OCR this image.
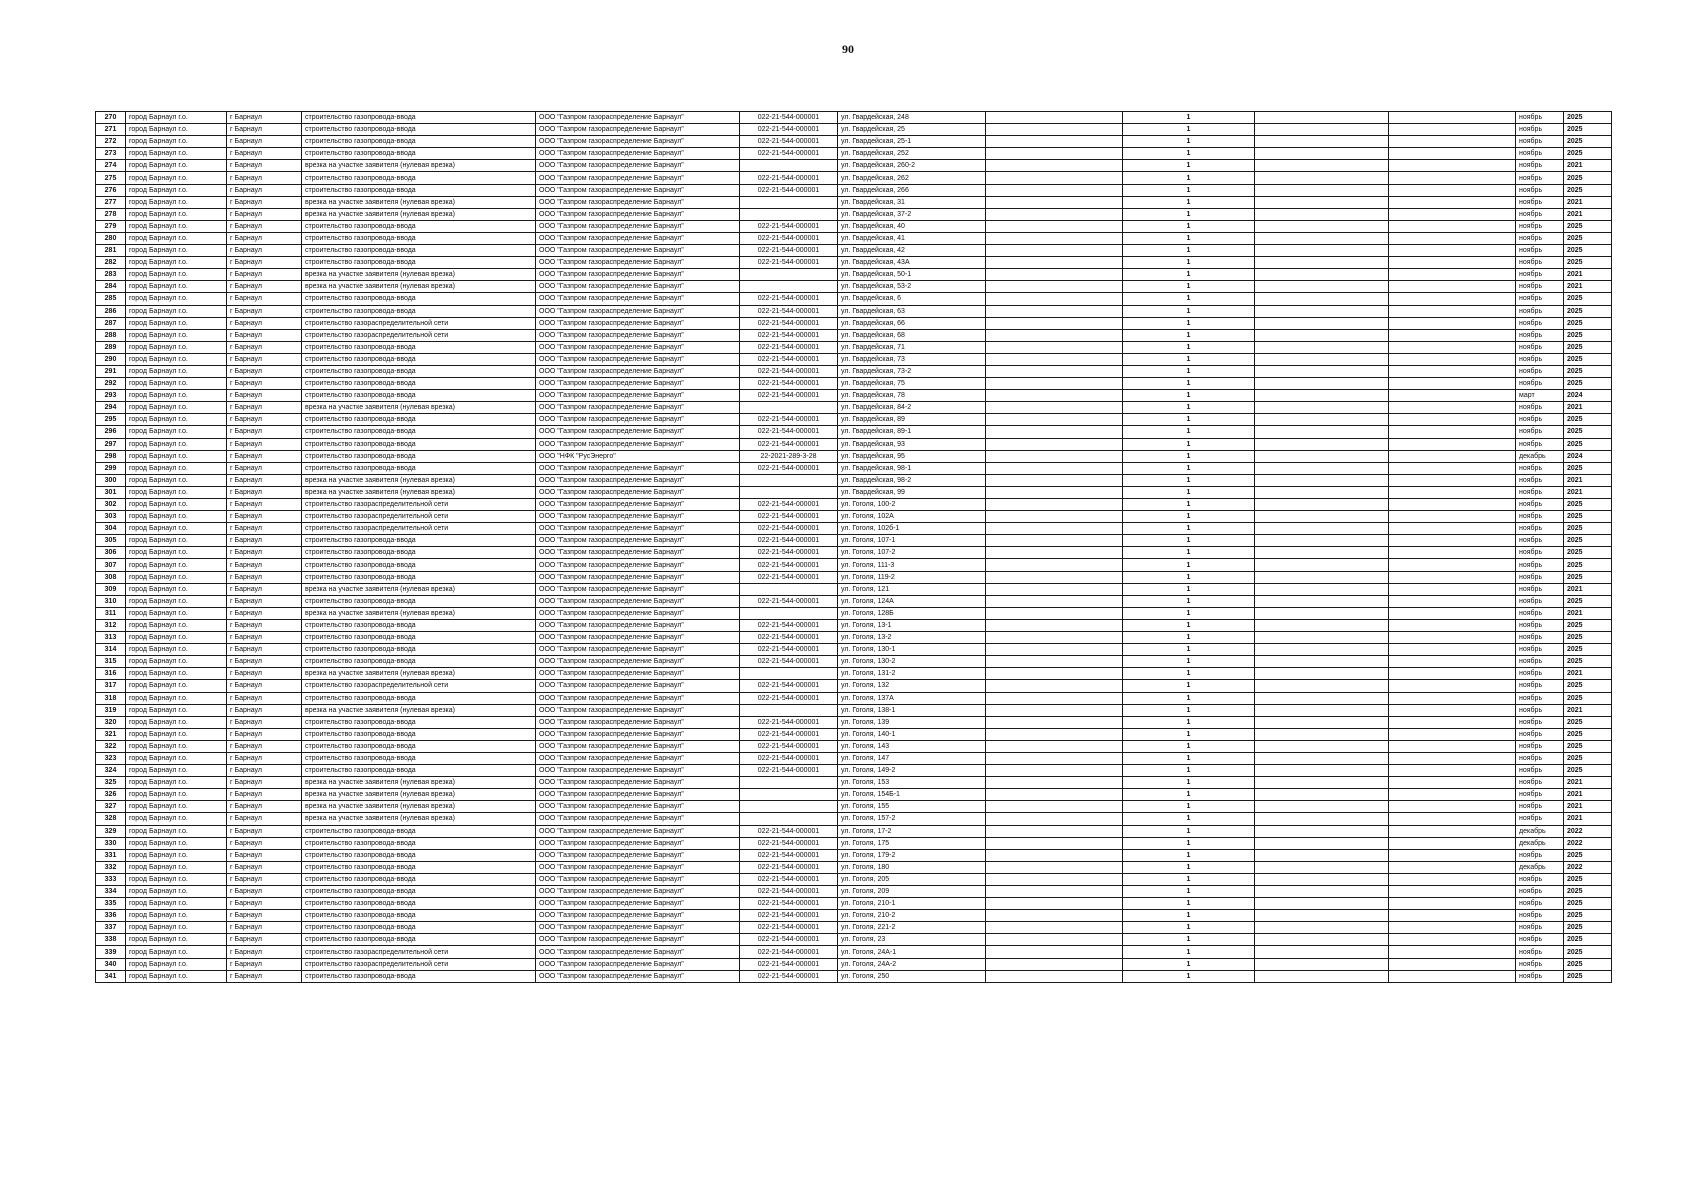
90
270	город Барнаул г.о.	г Барнаул	строительство газопровода-ввода	ООО "Газпром газораспределение Барнаул"	022-21-544-000001	ул. Гвардейская, 248		1			ноябрь	2025
271	город Барнаул г.о.	г Барнаул	строительство газопровода-ввода	ООО "Газпром газораспределение Барнаул"	022-21-544-000001	ул. Гвардейская, 25		1			ноябрь	2025
272	город Барнаул г.о.	г Барнаул	строительство газопровода-ввода	ООО "Газпром газораспределение Барнаул"	022-21-544-000001	ул. Гвардейская, 25-1		1			ноябрь	2025
273	город Барнаул г.о.	г Барнаул	строительство газопровода-ввода	ООО "Газпром газораспределение Барнаул"	022-21-544-000001	ул. Гвардейская, 252		1			ноябрь	2025
274	город Барнаул г.о.	г Барнаул	врезка на участке заявителя (нулевая врезка)	ООО "Газпром газораспределение Барнаул"		ул. Гвардейская, 260-2		1			ноябрь	2021
275	город Барнаул г.о.	г Барнаул	строительство газопровода-ввода	ООО "Газпром газораспределение Барнаул"	022-21-544-000001	ул. Гвардейская, 262		1			ноябрь	2025
276	город Барнаул г.о.	г Барнаул	строительство газопровода-ввода	ООО "Газпром газораспределение Барнаул"	022-21-544-000001	ул. Гвардейская, 266		1			ноябрь	2025
277	город Барнаул г.о.	г Барнаул	врезка на участке заявителя (нулевая врезка)	ООО "Газпром газораспределение Барнаул"		ул. Гвардейская, 31		1			ноябрь	2021
278	город Барнаул г.о.	г Барнаул	врезка на участке заявителя (нулевая врезка)	ООО "Газпром газораспределение Барнаул"		ул. Гвардейская, 37-2		1			ноябрь	2021
279	город Барнаул г.о.	г Барнаул	строительство газопровода-ввода	ООО "Газпром газораспределение Барнаул"	022-21-544-000001	ул. Гвардейская, 40		1			ноябрь	2025
280	город Барнаул г.о.	г Барнаул	строительство газопровода-ввода	ООО "Газпром газораспределение Барнаул"	022-21-544-000001	ул. Гвардейская, 41		1			ноябрь	2025
281	город Барнаул г.о.	г Барнаул	строительство газопровода-ввода	ООО "Газпром газораспределение Барнаул"	022-21-544-000001	ул. Гвардейская, 42		1			ноябрь	2025
282	город Барнаул г.о.	г Барнаул	строительство газопровода-ввода	ООО "Газпром газораспределение Барнаул"	022-21-544-000001	ул. Гвардейская, 43А		1			ноябрь	2025
283	город Барнаул г.о.	г Барнаул	врезка на участке заявителя (нулевая врезка)	ООО "Газпром газораспределение Барнаул"		ул. Гвардейская, 50-1		1			ноябрь	2021
284	город Барнаул г.о.	г Барнаул	врезка на участке заявителя (нулевая врезка)	ООО "Газпром газораспределение Барнаул"		ул. Гвардейская, 53-2		1			ноябрь	2021
285	город Барнаул г.о.	г Барнаул	строительство газопровода-ввода	ООО "Газпром газораспределение Барнаул"	022-21-544-000001	ул. Гвардейская, 6		1			ноябрь	2025
286	город Барнаул г.о.	г Барнаул	строительство газопровода-ввода	ООО "Газпром газораспределение Барнаул"	022-21-544-000001	ул. Гвардейская, 63		1			ноябрь	2025
287	город Барнаул г.о.	г Барнаул	строительство газораспределительной сети	ООО "Газпром газораспределение Барнаул"	022-21-544-000001	ул. Гвардейская, 66		1			ноябрь	2025
288	город Барнаул г.о.	г Барнаул	строительство газораспределительной сети	ООО "Газпром газораспределение Барнаул"	022-21-544-000001	ул. Гвардейская, 68		1			ноябрь	2025
289	город Барнаул г.о.	г Барнаул	строительство газопровода-ввода	ООО "Газпром газораспределение Барнаул"	022-21-544-000001	ул. Гвардейская, 71		1			ноябрь	2025
290	город Барнаул г.о.	г Барнаул	строительство газопровода-ввода	ООО "Газпром газораспределение Барнаул"	022-21-544-000001	ул. Гвардейская, 73		1			ноябрь	2025
291	город Барнаул г.о.	г Барнаул	строительство газопровода-ввода	ООО "Газпром газораспределение Барнаул"	022-21-544-000001	ул. Гвардейская, 73-2		1			ноябрь	2025
292	город Барнаул г.о.	г Барнаул	строительство газопровода-ввода	ООО "Газпром газораспределение Барнаул"	022-21-544-000001	ул. Гвардейская, 75		1			ноябрь	2025
293	город Барнаул г.о.	г Барнаул	строительство газопровода-ввода	ООО "Газпром газораспределение Барнаул"	022-21-544-000001	ул. Гвардейская, 78		1			март	2024
294	город Барнаул г.о.	г Барнаул	врезка на участке заявителя (нулевая врезка)	ООО "Газпром газораспределение Барнаул"		ул. Гвардейская, 84-2		1			ноябрь	2021
295	город Барнаул г.о.	г Барнаул	строительство газопровода-ввода	ООО "Газпром газораспределение Барнаул"	022-21-544-000001	ул. Гвардейская, 89		1			ноябрь	2025
296	город Барнаул г.о.	г Барнаул	строительство газопровода-ввода	ООО "Газпром газораспределение Барнаул"	022-21-544-000001	ул. Гвардейская, 89-1		1			ноябрь	2025
297	город Барнаул г.о.	г Барнаул	строительство газопровода-ввода	ООО "Газпром газораспределение Барнаул"	022-21-544-000001	ул. Гвардейская, 93		1			ноябрь	2025
298	город Барнаул г.о.	г Барнаул	строительство газопровода-ввода	ООО "НФК "РусЭнерго"	22-2021-289-3-28	ул. Гвардейская, 95		1			декабрь	2024
299	город Барнаул г.о.	г Барнаул	строительство газопровода-ввода	ООО "Газпром газораспределение Барнаул"	022-21-544-000001	ул. Гвардейская, 98-1		1			ноябрь	2025
300	город Барнаул г.о.	г Барнаул	врезка на участке заявителя (нулевая врезка)	ООО "Газпром газораспределение Барнаул"		ул. Гвардейская, 98-2		1			ноябрь	2021
301	город Барнаул г.о.	г Барнаул	врезка на участке заявителя (нулевая врезка)	ООО "Газпром газораспределение Барнаул"		ул. Гвардейская, 99		1			ноябрь	2021
302	город Барнаул г.о.	г Барнаул	строительство газораспределительной сети	ООО "Газпром газораспределение Барнаул"	022-21-544-000001	ул. Гоголя, 100-2		1			ноябрь	2025
303	город Барнаул г.о.	г Барнаул	строительство газораспределительной сети	ООО "Газпром газораспределение Барнаул"	022-21-544-000001	ул. Гоголя, 102А		1			ноябрь	2025
304	город Барнаул г.о.	г Барнаул	строительство газораспределительной сети	ООО "Газпром газораспределение Барнаул"	022-21-544-000001	ул. Гоголя, 102б-1		1			ноябрь	2025
305	город Барнаул г.о.	г Барнаул	строительство газопровода-ввода	ООО "Газпром газораспределение Барнаул"	022-21-544-000001	ул. Гоголя, 107-1		1			ноябрь	2025
306	город Барнаул г.о.	г Барнаул	строительство газопровода-ввода	ООО "Газпром газораспределение Барнаул"	022-21-544-000001	ул. Гоголя, 107-2		1			ноябрь	2025
307	город Барнаул г.о.	г Барнаул	строительство газопровода-ввода	ООО "Газпром газораспределение Барнаул"	022-21-544-000001	ул. Гоголя, 111-3		1			ноябрь	2025
308	город Барнаул г.о.	г Барнаул	строительство газопровода-ввода	ООО "Газпром газораспределение Барнаул"	022-21-544-000001	ул. Гоголя, 119-2		1			ноябрь	2025
309	город Барнаул г.о.	г Барнаул	врезка на участке заявителя (нулевая врезка)	ООО "Газпром газораспределение Барнаул"		ул. Гоголя, 121		1			ноябрь	2021
310	город Барнаул г.о.	г Барнаул	строительство газопровода-ввода	ООО "Газпром газораспределение Барнаул"	022-21-544-000001	ул. Гоголя, 124А		1			ноябрь	2025
311	город Барнаул г.о.	г Барнаул	врезка на участке заявителя (нулевая врезка)	ООО "Газпром газораспределение Барнаул"		ул. Гоголя, 128Б		1			ноябрь	2021
312	город Барнаул г.о.	г Барнаул	строительство газопровода-ввода	ООО "Газпром газораспределение Барнаул"	022-21-544-000001	ул. Гоголя, 13-1		1			ноябрь	2025
313	город Барнаул г.о.	г Барнаул	строительство газопровода-ввода	ООО "Газпром газораспределение Барнаул"	022-21-544-000001	ул. Гоголя, 13-2		1			ноябрь	2025
314	город Барнаул г.о.	г Барнаул	строительство газопровода-ввода	ООО "Газпром газораспределение Барнаул"	022-21-544-000001	ул. Гоголя, 130-1		1			ноябрь	2025
315	город Барнаул г.о.	г Барнаул	строительство газопровода-ввода	ООО "Газпром газораспределение Барнаул"	022-21-544-000001	ул. Гоголя, 130-2		1			ноябрь	2025
316	город Барнаул г.о.	г Барнаул	врезка на участке заявителя (нулевая врезка)	ООО "Газпром газораспределение Барнаул"		ул. Гоголя, 131-2		1			ноябрь	2021
317	город Барнаул г.о.	г Барнаул	строительство газораспределительной сети	ООО "Газпром газораспределение Барнаул"	022-21-544-000001	ул. Гоголя, 132		1			ноябрь	2025
318	город Барнаул г.о.	г Барнаул	строительство газопровода-ввода	ООО "Газпром газораспределение Барнаул"	022-21-544-000001	ул. Гоголя, 137А		1			ноябрь	2025
319	город Барнаул г.о.	г Барнаул	врезка на участке заявителя (нулевая врезка)	ООО "Газпром газораспределение Барнаул"		ул. Гоголя, 138-1		1			ноябрь	2021
320	город Барнаул г.о.	г Барнаул	строительство газопровода-ввода	ООО "Газпром газораспределение Барнаул"	022-21-544-000001	ул. Гоголя, 139		1			ноябрь	2025
321	город Барнаул г.о.	г Барнаул	строительство газопровода-ввода	ООО "Газпром газораспределение Барнаул"	022-21-544-000001	ул. Гоголя, 140-1		1			ноябрь	2025
322	город Барнаул г.о.	г Барнаул	строительство газопровода-ввода	ООО "Газпром газораспределение Барнаул"	022-21-544-000001	ул. Гоголя, 143		1			ноябрь	2025
323	город Барнаул г.о.	г Барнаул	строительство газопровода-ввода	ООО "Газпром газораспределение Барнаул"	022-21-544-000001	ул. Гоголя, 147		1			ноябрь	2025
324	город Барнаул г.о.	г Барнаул	строительство газопровода-ввода	ООО "Газпром газораспределение Барнаул"	022-21-544-000001	ул. Гоголя, 149-2		1			ноябрь	2025
325	город Барнаул г.о.	г Барнаул	врезка на участке заявителя (нулевая врезка)	ООО "Газпром газораспределение Барнаул"		ул. Гоголя, 153		1			ноябрь	2021
326	город Барнаул г.о.	г Барнаул	врезка на участке заявителя (нулевая врезка)	ООО "Газпром газораспределение Барнаул"		ул. Гоголя, 154Б-1		1			ноябрь	2021
327	город Барнаул г.о.	г Барнаул	врезка на участке заявителя (нулевая врезка)	ООО "Газпром газораспределение Барнаул"		ул. Гоголя, 155		1			ноябрь	2021
328	город Барнаул г.о.	г Барнаул	врезка на участке заявителя (нулевая врезка)	ООО "Газпром газораспределение Барнаул"		ул. Гоголя, 157-2		1			ноябрь	2021
329	город Барнаул г.о.	г Барнаул	строительство газопровода-ввода	ООО "Газпром газораспределение Барнаул"	022-21-544-000001	ул. Гоголя, 17-2		1			декабрь	2022
330	город Барнаул г.о.	г Барнаул	строительство газопровода-ввода	ООО "Газпром газораспределение Барнаул"	022-21-544-000001	ул. Гоголя, 175		1			декабрь	2022
331	город Барнаул г.о.	г Барнаул	строительство газопровода-ввода	ООО "Газпром газораспределение Барнаул"	022-21-544-000001	ул. Гоголя, 179-2		1			ноябрь	2025
332	город Барнаул г.о.	г Барнаул	строительство газопровода-ввода	ООО "Газпром газораспределение Барнаул"	022-21-544-000001	ул. Гоголя, 180		1			декабрь	2022
333	город Барнаул г.о.	г Барнаул	строительство газопровода-ввода	ООО "Газпром газораспределение Барнаул"	022-21-544-000001	ул. Гоголя, 205		1			ноябрь	2025
334	город Барнаул г.о.	г Барнаул	строительство газопровода-ввода	ООО "Газпром газораспределение Барнаул"	022-21-544-000001	ул. Гоголя, 209		1			ноябрь	2025
335	город Барнаул г.о.	г Барнаул	строительство газопровода-ввода	ООО "Газпром газораспределение Барнаул"	022-21-544-000001	ул. Гоголя, 210-1		1			ноябрь	2025
336	город Барнаул г.о.	г Барнаул	строительство газопровода-ввода	ООО "Газпром газораспределение Барнаул"	022-21-544-000001	ул. Гоголя, 210-2		1			ноябрь	2025
337	город Барнаул г.о.	г Барнаул	строительство газопровода-ввода	ООО "Газпром газораспределение Барнаул"	022-21-544-000001	ул. Гоголя, 221-2		1			ноябрь	2025
338	город Барнаул г.о.	г Барнаул	строительство газопровода-ввода	ООО "Газпром газораспределение Барнаул"	022-21-544-000001	ул. Гоголя, 23		1			ноябрь	2025
339	город Барнаул г.о.	г Барнаул	строительство газораспределительной сети	ООО "Газпром газораспределение Барнаул"	022-21-544-000001	ул. Гоголя, 24А-1		1			ноябрь	2025
340	город Барнаул г.о.	г Барнаул	строительство газораспределительной сети	ООО "Газпром газораспределение Барнаул"	022-21-544-000001	ул. Гоголя, 24А-2		1			ноябрь	2025
341	город Барнаул г.о.	г Барнаул	строительство газопровода-ввода	ООО "Газпром газораспределение Барнаул"	022-21-544-000001	ул. Гоголя, 250		1			ноябрь	2025
